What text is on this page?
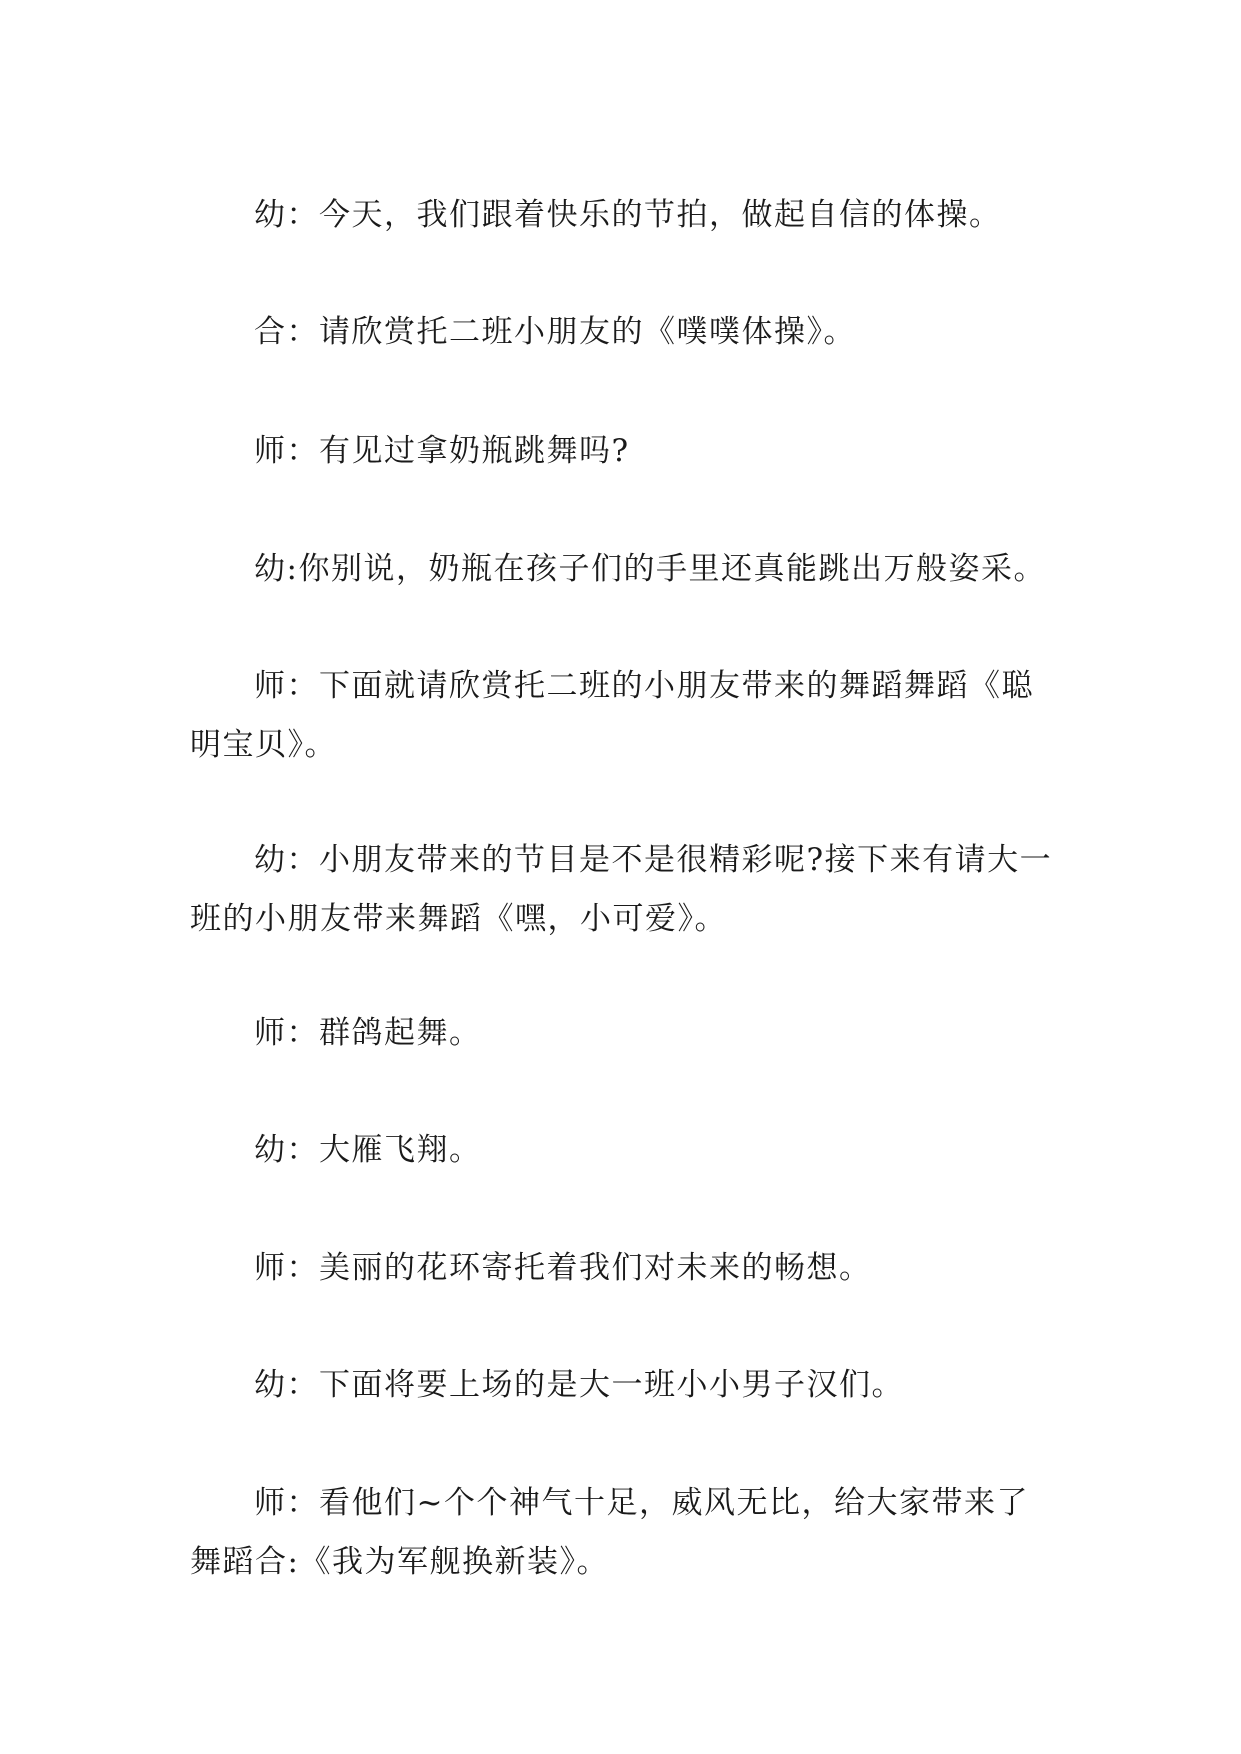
幼：今天，我们跟着快乐的节拍，做起自信的体操。

合：请欣赏托二班小朋友的《噗噗体操》。

师：有见过拿奶瓶跳舞吗?

幼:你别说，奶瓶在孩子们的手里还真能跳出万般姿采。

师：下面就请欣赏托二班的小朋友带来的舞蹈舞蹈《聪明宝贝》。

幼：小朋友带来的节目是不是很精彩呢?接下来有请大一班的小朋友带来舞蹈《嘿，小可爱》。

师：群鸽起舞。

幼：大雁飞翔。

师：美丽的花环寄托着我们对未来的畅想。

幼：下面将要上场的是大一班小小男子汉们。

师：看他们~个个神气十足，威风无比，给大家带来了舞蹈合:《我为军舰换新装》。
